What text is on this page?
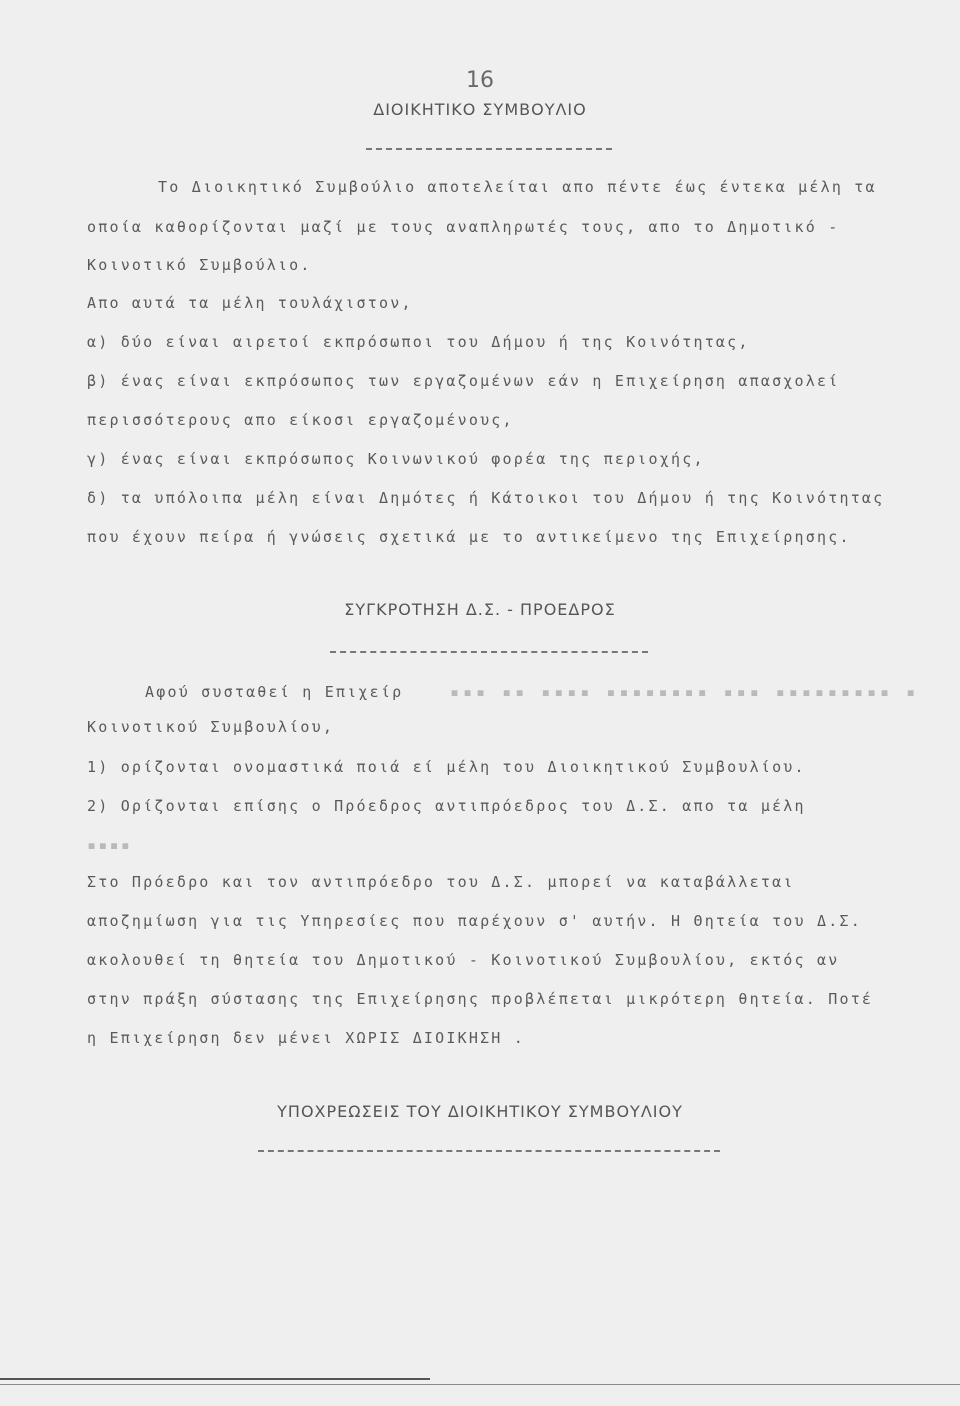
16
ΔΙΟΙΚΗΤΙΚΟ ΣΥΜΒΟΥΛΙΟ
Το Διοικητικό Συμβούλιο αποτελείται απο πέντε έως έντεκα μέλη τα
οποία καθορίζονται μαζί με τους αναπληρωτές τους, απο το Δημοτικό -
Κοινοτικό Συμβούλιο.
Απο αυτά τα μέλη τουλάχιστον,
α) δύο είναι αιρετοί εκπρόσωποι του Δήμου ή της Κοινότητας,
β) ένας είναι εκπρόσωπος των εργαζομένων εάν η Επιχείρηση απασχολεί
περισσότερους απο είκοσι εργαζομένους,
γ) ένας είναι εκπρόσωπος Κοινωνικού φορέα της περιοχής,
δ) τα υπόλοιπα μέλη είναι Δημότες ή Κάτοικοι του Δήμου ή της Κοινότητας
που έχουν πείρα ή γνώσεις σχετικά με το αντικείμενο της Επιχείρησης.
ΣΥΓΚΡΟΤΗΣΗ Δ.Σ. - ΠΡΟΕΔΡΟΣ
Αφού συσταθεί η Επιχείρ	▪▪▪ ▪▪ ▪▪▪▪ ▪▪▪▪▪▪▪▪ ▪▪▪ ▪▪▪▪▪▪▪▪▪ ▪
Κοινοτικού Συμβουλίου,
1) ορίζονται ονομαστικά ποιά εί μέλη του Διοικητικού Συμβουλίου.
2) Ορίζονται επίσης ο Πρόεδρος αντιπρόεδρος του Δ.Σ. απο τα μέλη
▪▪▪▪
Στο Πρόεδρο και τον αντιπρόεδρο του Δ.Σ. μπορεί να καταβάλλεται
αποζημίωση για τις Υπηρεσίες που παρέχουν σ' αυτήν. Η Θητεία του Δ.Σ.
ακολουθεί τη θητεία του Δημοτικού - Κοινοτικού Συμβουλίου, εκτός αν
στην πράξη σύστασης της Επιχείρησης προβλέπεται μικρότερη θητεία. Ποτέ
η Επιχείρηση δεν μένει ΧΩΡΙΣ ΔΙΟΙΚΗΣΗ .
ΥΠΟΧΡΕΩΣΕΙΣ ΤΟΥ ΔΙΟΙΚΗΤΙΚΟΥ ΣΥΜΒΟΥΛΙΟΥ
